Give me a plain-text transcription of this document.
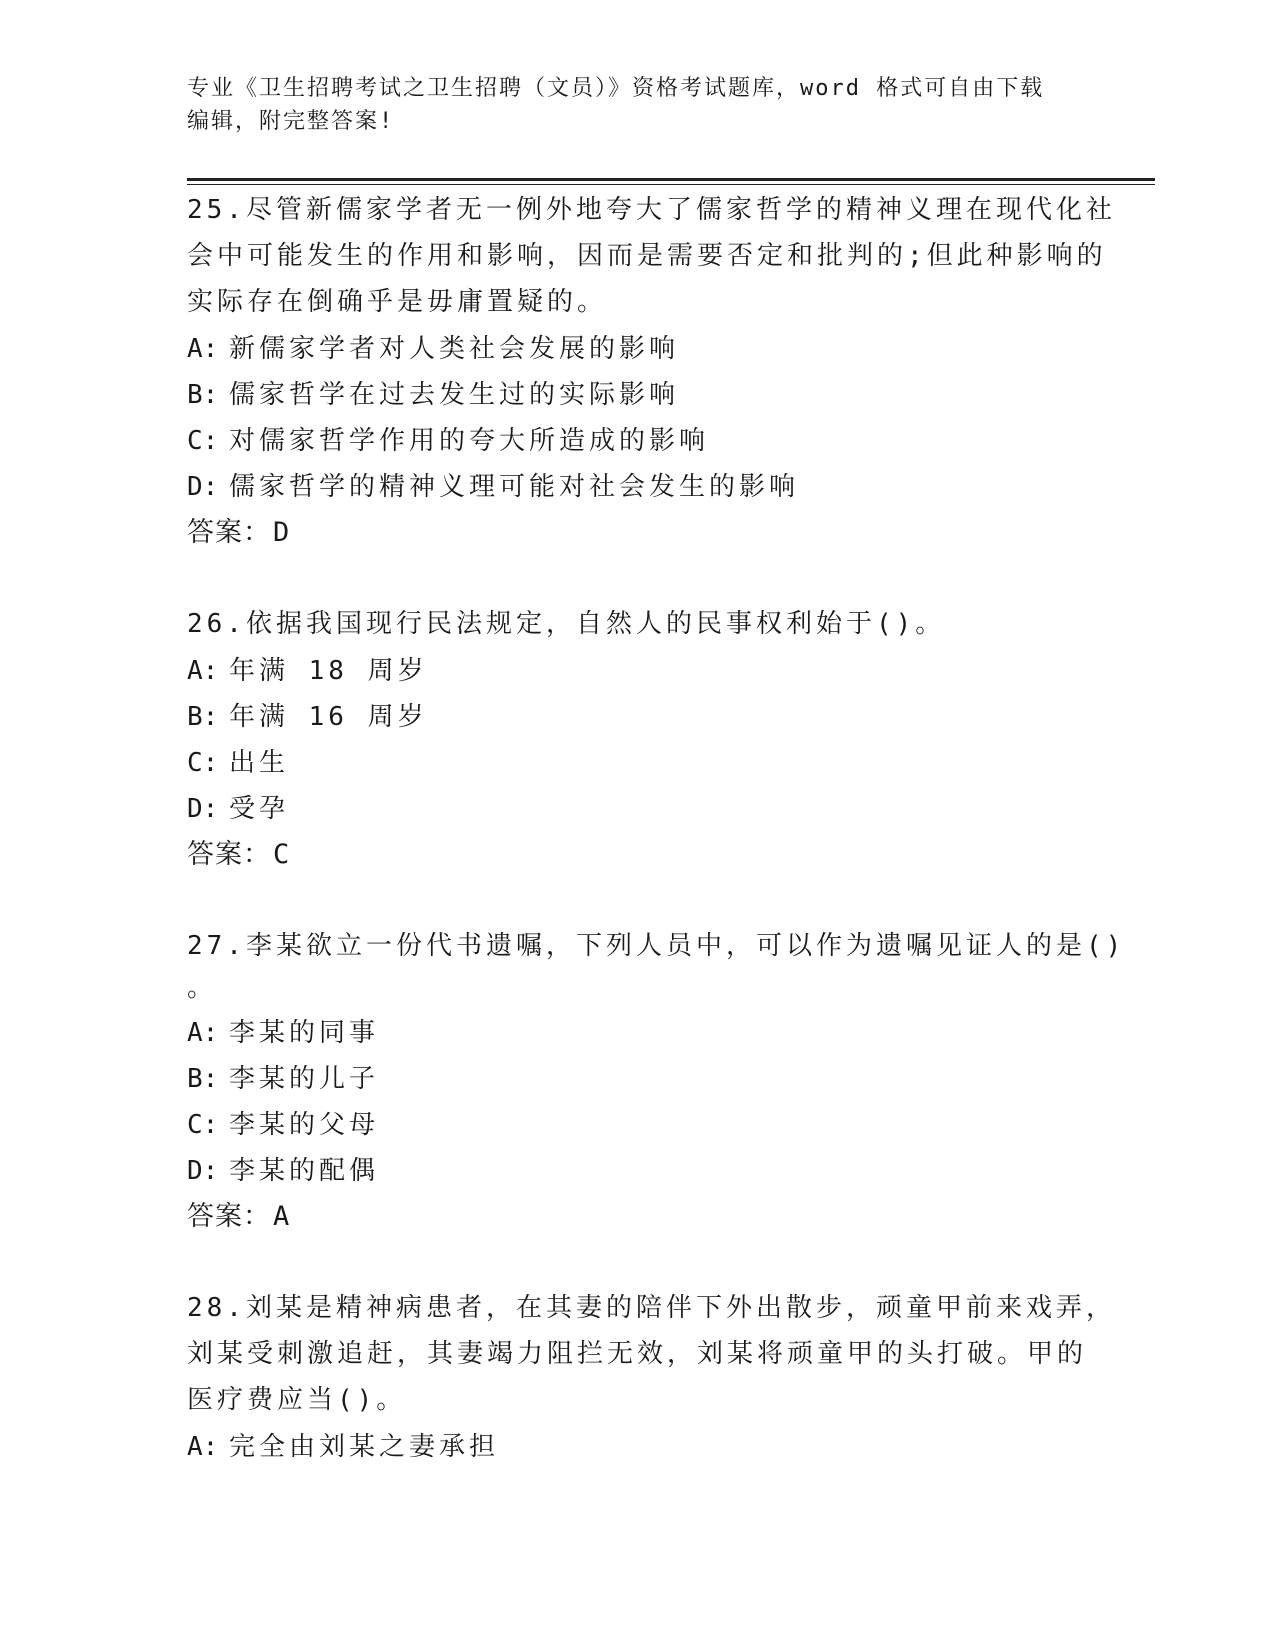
专业《卫生招聘考试之卫生招聘（文员）》资格考试题库，word 格式可自由下载
编辑，附完整答案!
25.尽管新儒家学者无一例外地夸大了儒家哲学的精神义理在现代化社
会中可能发生的作用和影响，因而是需要否定和批判的;但此种影响的
实际存在倒确乎是毋庸置疑的。
A: 新儒家学者对人类社会发展的影响
B: 儒家哲学在过去发生过的实际影响
C: 对儒家哲学作用的夸大所造成的影响
D: 儒家哲学的精神义理可能对社会发生的影响
答案：D
26.依据我国现行民法规定，自然人的民事权利始于()。
A: 年满 18 周岁
B: 年满 16 周岁
C: 出生
D: 受孕
答案：C
27.李某欲立一份代书遗嘱，下列人员中，可以作为遗嘱见证人的是()
。
A: 李某的同事
B: 李某的儿子
C: 李某的父母
D: 李某的配偶
答案：A
28.刘某是精神病患者，在其妻的陪伴下外出散步，顽童甲前来戏弄，
刘某受刺激追赶，其妻竭力阻拦无效，刘某将顽童甲的头打破。甲的
医疗费应当()。
A: 完全由刘某之妻承担
